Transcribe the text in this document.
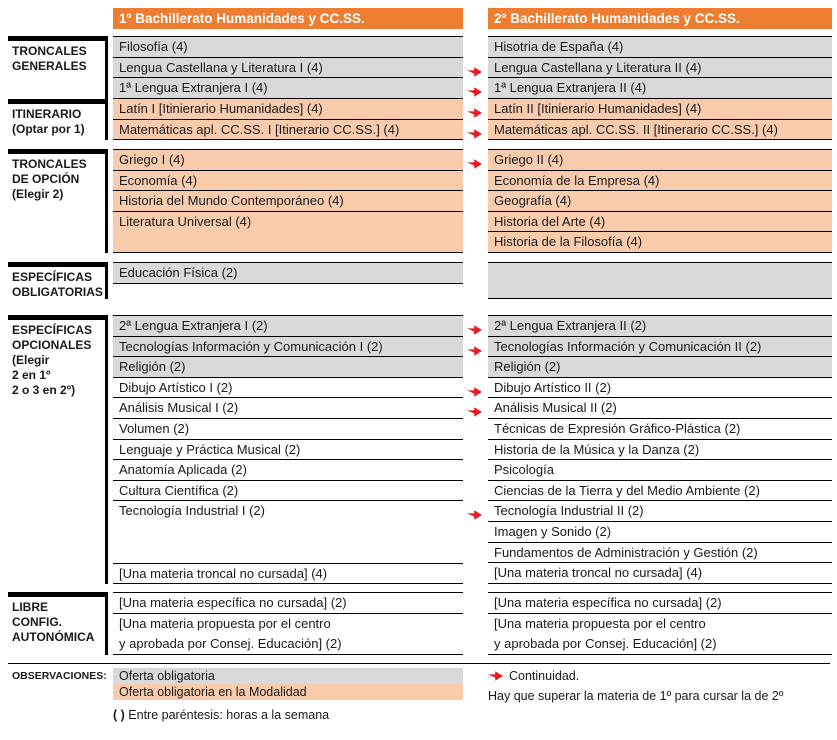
1º Bachillerato Humanidades y CC.SS.	2º Bachillerato Humanidades y CC.SS.
TRONCALES
GENERALES
Filosofía (4)
Lengua Castellana y Literatura I (4)
1ª Lengua Extranjera I (4)
Hisotria de España (4)
Lengua Castellana y Literatura II (4)
1ª Lengua Extranjera II (4)
ITINERARIO
(Optar por 1)
Latín I [Itinierario Humanidades] (4)
Matemáticas apl. CC.SS. I [Itinerario CC.SS.] (4)
Latín II [Itinierario Humanidades] (4)
Matemáticas apl. CC.SS. II [Itinerario CC.SS.] (4)
TRONCALES
DE OPCIÓN
(Elegir 2)
Griego I (4)
Economía (4)
Historia del Mundo Contemporáneo (4)
Literatura Universal (4)
Griego II (4)
Economía de la Empresa (4)
Geografía (4)
Historia del Arte (4)
Historia de la Filosofía (4)
ESPECÍFICAS
OBLIGATORIAS
Educación Física (2)
ESPECÍFICAS
OPCIONALES
(Elegir
2 en 1º
2 o 3 en 2º)
2ª Lengua Extranjera I (2)
Tecnologías Información y Comunicación I (2)
Religión (2)
Dibujo Artístico I (2)
Análisis Musical I (2)
Volumen (2)
Lenguaje y Práctica Musical (2)
Anatomía Aplicada (2)
Cultura Científica (2)
Tecnología Industrial I (2)
[Una materia troncal no cursada] (4)
2ª Lengua Extranjera II (2)
Tecnologías Información y Comunicación II (2)
Religión (2)
Dibujo Artístico II (2)
Análisis Musical II (2)
Técnicas de Expresión Gráfico-Plástica (2)
Historia de la Música y la Danza (2)
Psicología
Ciencias de la Tierra y del Medio Ambiente (2)
Tecnología Industrial II (2)
Imagen y Sonido (2)
Fundamentos de Administración y Gestión (2)
[Una materia troncal no cursada] (4)
LIBRE
CONFIG.
AUTONÓMICA
[Una materia específica no cursada] (2)
[Una materia propuesta por el centro
y aprobada por Consej. Educación] (2)
[Una materia específica no cursada] (2)
[Una materia propuesta por el centro
y aprobada por Consej. Educación] (2)
OBSERVACIONES: Oferta obligatoria
Oferta obligatoria en la Modalidad
( ) Entre paréntesis: horas a la semana
Continuidad.
Hay que superar la materia de 1º para cursar la de 2º
